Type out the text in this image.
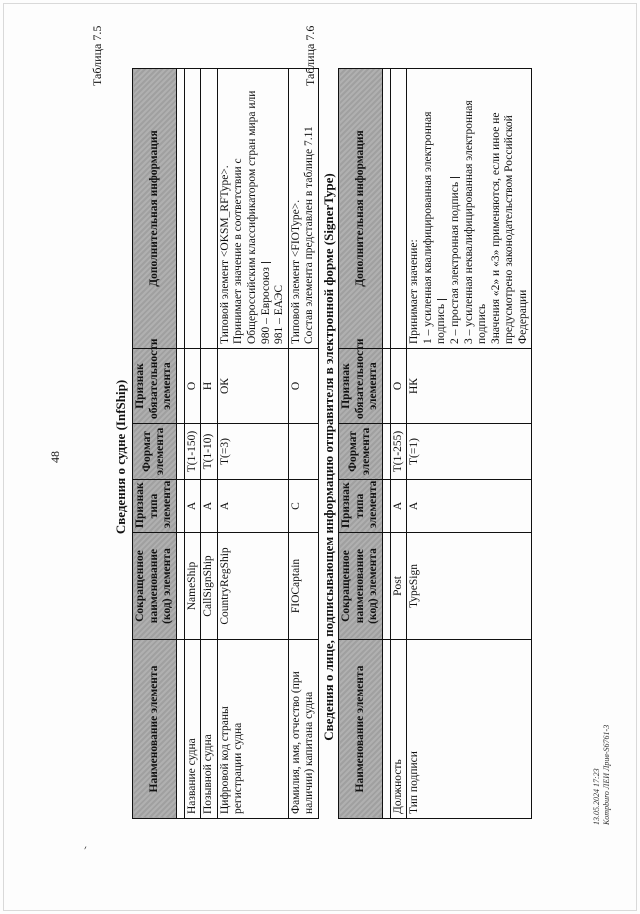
׳
48
Таблица 7.5
Сведения о судне (InfShip)
Наименование элемента	Сокращенное наименование (код) элемента	Признак типа элемента	Формат элемента	Признак обязательности элемента	Дополнительная информация

Название судна	NameShip	А	T(1-150)	О	
Позывной судна	CallSignShip	А	T(1-10)	Н	
Цифровой код страны регистрации судна	CountryRegShip	А	T(=3)	ОК	Типовой элемент <OKSM_RFType>. Принимает значение в соответствии с Общероссийским классификатором стран мира или 980 – Евросоюз 981 – ЕАЭС

Фамилия, имя, отчество (при наличии) капитана судна	FIOCaptain	С		О	Типовой элемент <FIOType>. Состав элемента представлен в таблице 7.11
Таблица 7.6
Сведения о лице, подписывающем информацию отправителя в электронной форме (SignerType) Наименование элемента	Сокращенное наименование (код) элемента	Признак типа элемента	Формат элемента	Признак обязательности элемента	Дополнительная информация

Должность	Post	А	T(1-255)	О	
Тип подписи	TypeSign	А	T(=1)	НК	Принимает значение: 1 – усиленная квалифицированная электронная подпись 2 – простая электронная подпись 3 – усиленная неквалифицированная электронная подпись Значения «2» и «3» применяются, если иное не предусмотрено законодательством Российской Федерации
13.05.2024 17:23 Кompburo ЛЕИ Лрив-S6761-3
